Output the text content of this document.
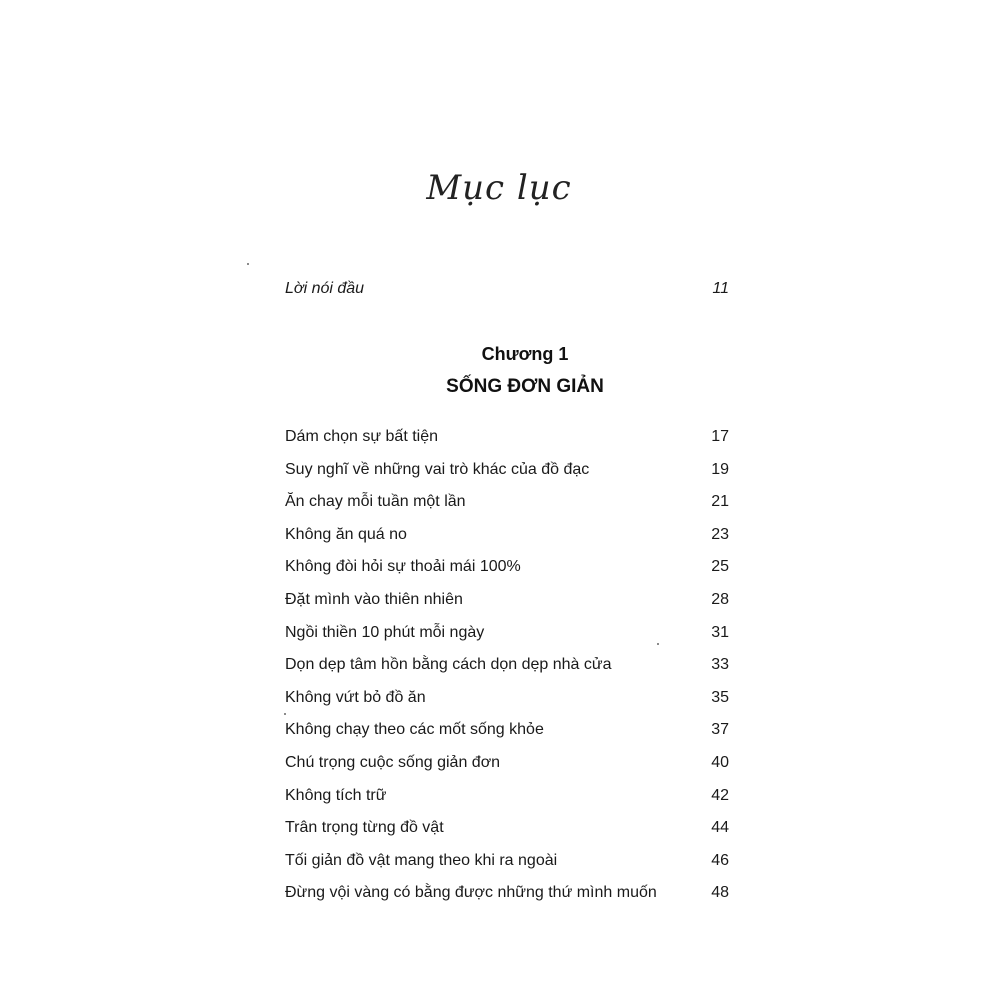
Mục lục
Lời nói đầu	11
Chương 1
SỐNG ĐƠN GIẢN
Dám chọn sự bất tiện	17
Suy nghĩ về những vai trò khác của đồ đạc	19
Ăn chay mỗi tuần một lần	21
Không ăn quá no	23
Không đòi hỏi sự thoải mái 100%	25
Đặt mình vào thiên nhiên	28
Ngồi thiền 10 phút mỗi ngày	31
Dọn dẹp tâm hồn bằng cách dọn dẹp nhà cửa	33
Không vứt bỏ đồ ăn	35
Không chạy theo các mốt sống khỏe	37
Chú trọng cuộc sống giản đơn	40
Không tích trữ	42
Trân trọng từng đồ vật	44
Tối giản đồ vật mang theo khi ra ngoài	46
Đừng vội vàng có bằng được những thứ mình muốn	48
